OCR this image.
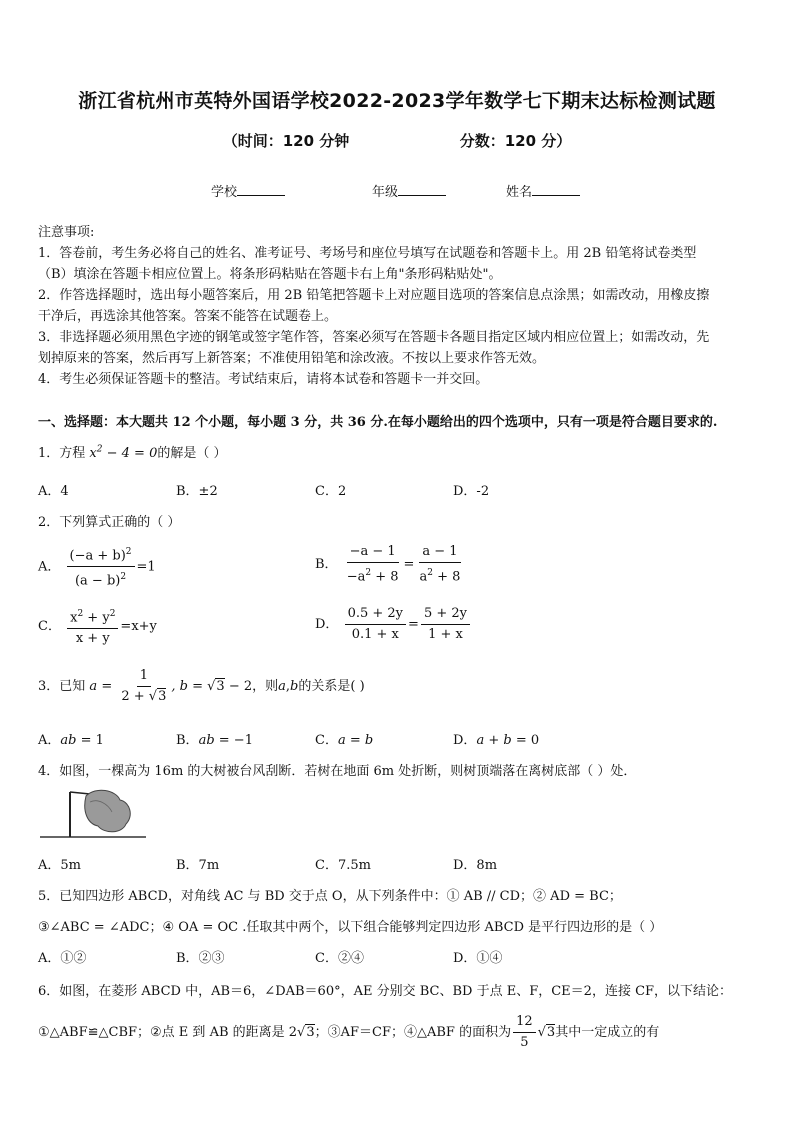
浙江省杭州市英特外国语学校2022-2023学年数学七下期末达标检测试题
（时间：120 分钟	分数：120 分）
学校	年级	姓名
注意事项:
1．答卷前，考生务必将自己的姓名、准考证号、考场号和座位号填写在试题卷和答题卡上。用 2B 铅笔将试卷类型
（B）填涂在答题卡相应位置上。将条形码粘贴在答题卡右上角"条形码粘贴处"。
2．作答选择题时，选出每小题答案后，用 2B 铅笔把答题卡上对应题目选项的答案信息点涂黑；如需改动，用橡皮擦
干净后，再选涂其他答案。答案不能答在试题卷上。
3．非选择题必须用黑色字迹的钢笔或签字笔作答，答案必须写在答题卡各题目指定区域内相应位置上；如需改动，先
划掉原来的答案，然后再写上新答案；不准使用铅笔和涂改液。不按以上要求作答无效。
4．考生必须保证答题卡的整洁。考试结束后，请将本试卷和答题卡一并交回。
一、选择题：本大题共 12 个小题，每小题 3 分，共 36 分.在每小题给出的四个选项中，只有一项是符合题目要求的.
1．方程 $x^2 - 4 = 0$的解是（ ）
A．4	B．±2	C．2	D．-2
2．下列算式正确的（ ）
A． $\frac{(-a + b)^2}{(a - b)^2} =1$	B． $\frac{-a - 1}{-a^2 + 8} = \frac{a - 1}{a^2 + 8}$
C． $\frac{x^2 + y^2}{x + y} =x+y$	D． $\frac{0.5 + 2y}{0.1 + x} = \frac{5 + 2y}{1 + x}$
3．已知 $a = \frac{1}{2 + √3}$ , b = √3 − 2，则a,b的关系是( )
A．ab = 1	B．ab = −1	C．a = b	D．a + b = 0
4．如图，一棵高为 16m 的大树被台风刮断．若树在地面 6m 处折断，则树顶端落在离树底部（ ）处．
A．5m	B．7m	C．7.5m	D．8m
5．已知四边形 ABCD，对角线 AC 与 BD 交于点 O，从下列条件中：① AB // CD；② AD = BC；
③∠ABC = ∠ADC；④ OA = OC .任取其中两个，以下组合能够判定四边形 ABCD 是平行四边形的是（ ）
A．①②	B．②③	C．②④	D．①④
6．如图，在菱形 ABCD 中，AB＝6，∠DAB＝60°，AE 分别交 BC、BD 于点 E、F，CE＝2，连接 CF，以下结论：
①△ABF≌△CBF；②点 E 到 AB 的距离是 2√3；③AF＝CF；④△ABF 的面积为 $\frac{12}{5} √3$其中一定成立的有
